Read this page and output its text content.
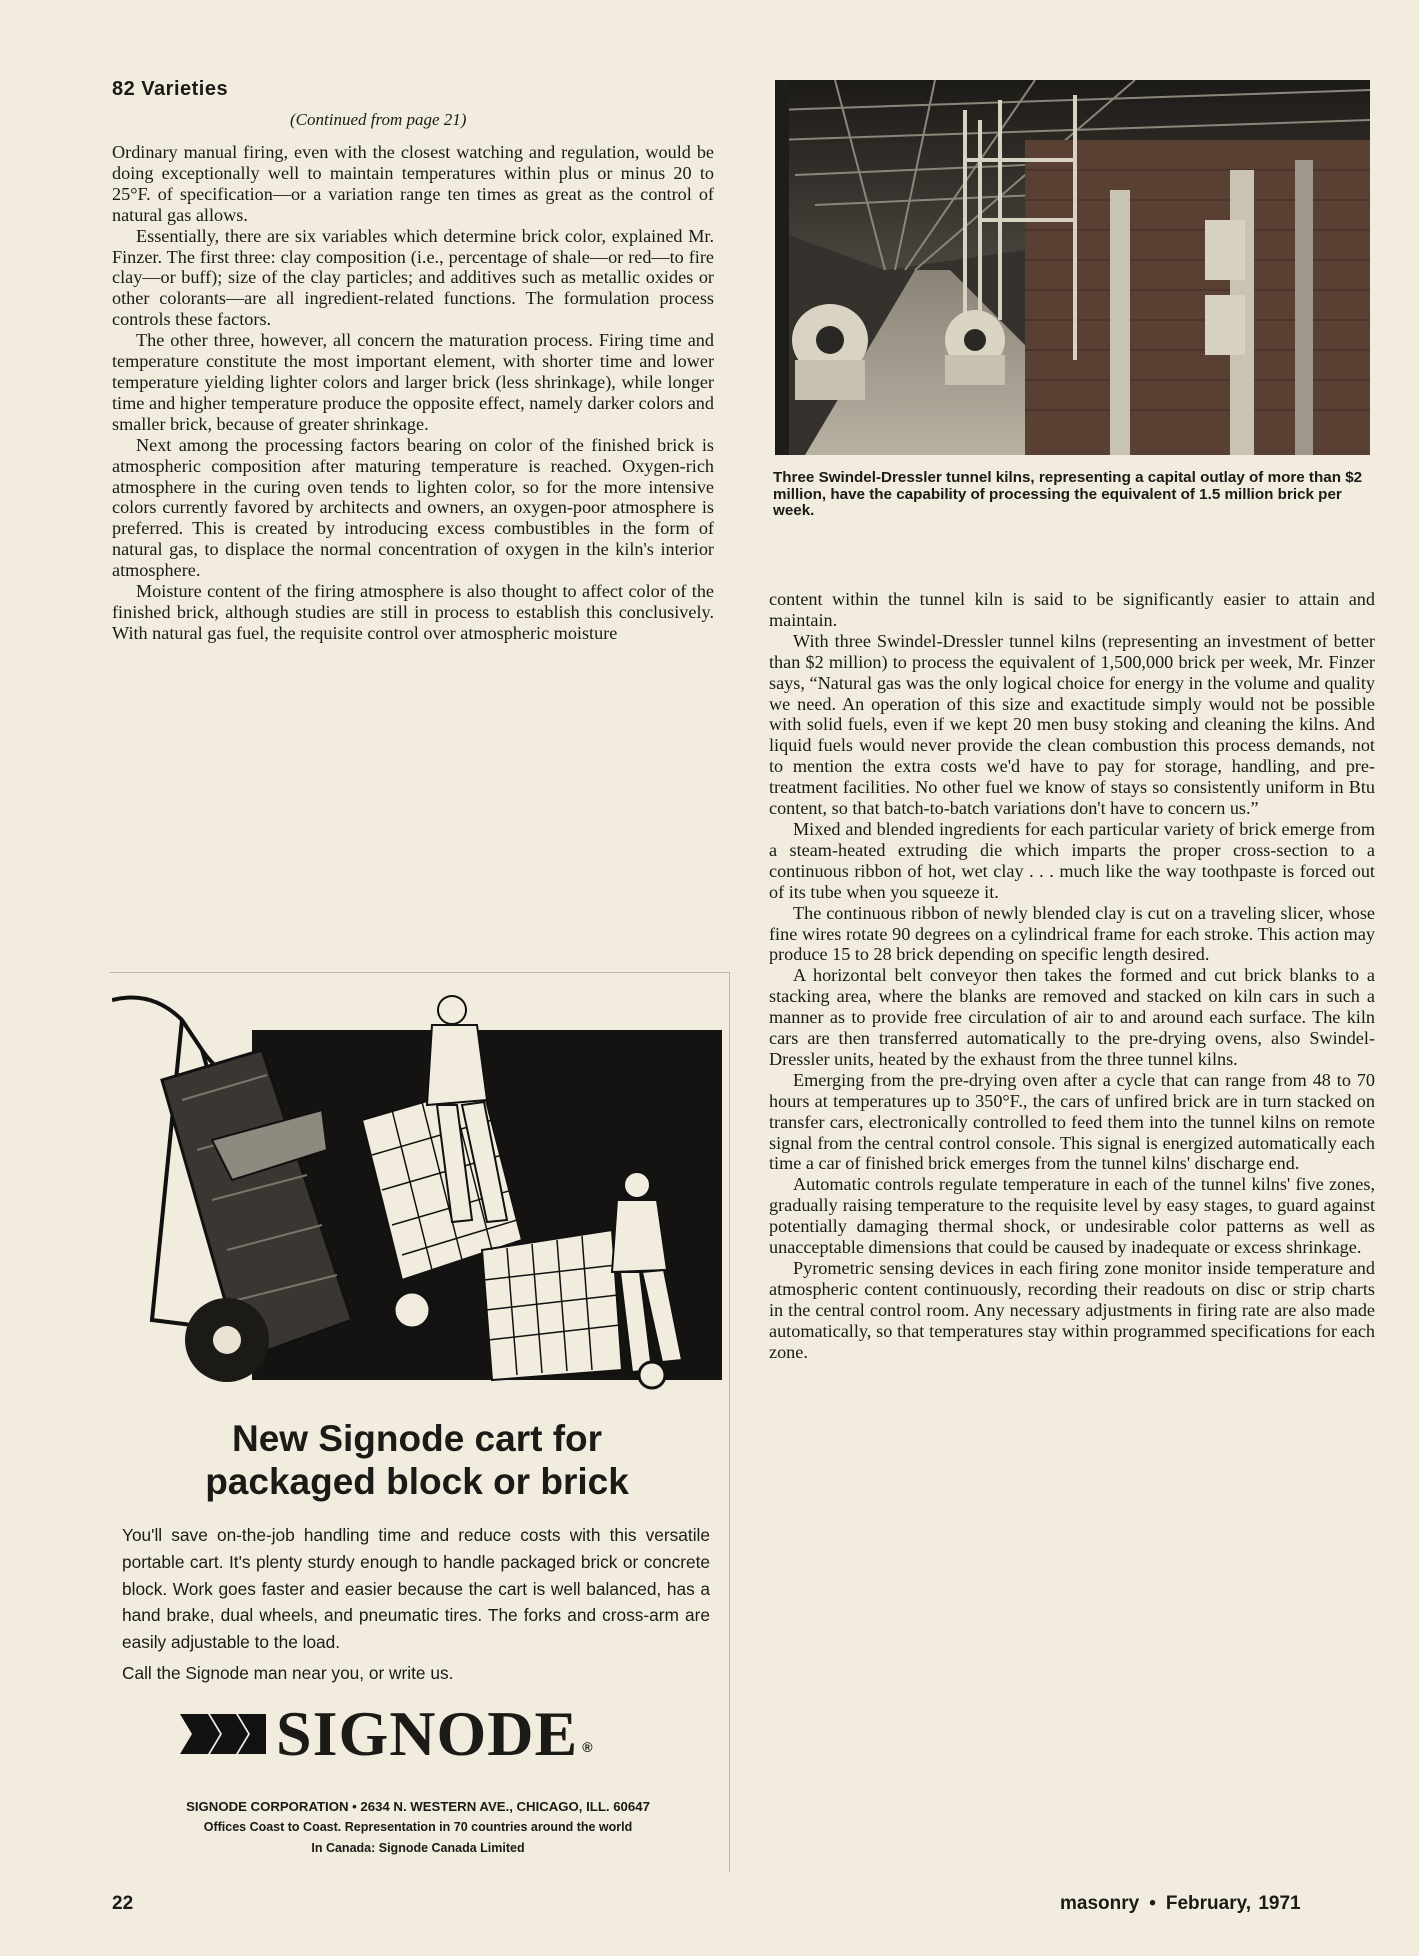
82 Varieties
(Continued from page 21)

Ordinary manual firing, even with the closest watching and regulation, would be doing exceptionally well to maintain temperatures within plus or minus 20 to 25°F. of specification—or a variation range ten times as great as the control of natural gas allows.

Essentially, there are six variables which determine brick color, explained Mr. Finzer. The first three: clay composition (i.e., percentage of shale—or red—to fire clay—or buff); size of the clay particles; and additives such as metallic oxides or other colorants—are all ingredient-related functions. The formulation process controls these factors.

The other three, however, all concern the maturation process. Firing time and temperature constitute the most important element, with shorter time and lower temperature yielding lighter colors and larger brick (less shrinkage), while longer time and higher temperature produce the opposite effect, namely darker colors and smaller brick, because of greater shrinkage.

Next among the processing factors bearing on color of the finished brick is atmospheric composition after maturing temperature is reached. Oxygen-rich atmosphere in the curing oven tends to lighten color, so for the more intensive colors currently favored by architects and owners, an oxygen-poor atmosphere is preferred. This is created by introducing excess combustibles in the form of natural gas, to displace the normal concentration of oxygen in the kiln's interior atmosphere.

Moisture content of the firing atmosphere is also thought to affect color of the finished brick, although studies are still in process to establish this conclusively. With natural gas fuel, the requisite control over atmospheric moisture

Three Swindel-Dressler tunnel kilns, representing a capital outlay of more than $2 million, have the capability of processing the equivalent of 1.5 million brick per week.

content within the tunnel kiln is said to be significantly easier to attain and maintain.

With three Swindel-Dressler tunnel kilns (representing an investment of better than $2 million) to process the equivalent of 1,500,000 brick per week, Mr. Finzer says, “Natural gas was the only logical choice for energy in the volume and quality we need. An operation of this size and exactitude simply would not be possible with solid fuels, even if we kept 20 men busy stoking and cleaning the kilns. And liquid fuels would never provide the clean combustion this process demands, not to mention the extra costs we'd have to pay for storage, handling, and pre-treatment facilities. No other fuel we know of stays so consistently uniform in Btu content, so that batch-to-batch variations don't have to concern us.”

Mixed and blended ingredients for each particular variety of brick emerge from a steam-heated extruding die which imparts the proper cross-section to a continuous ribbon of hot, wet clay . . . much like the way toothpaste is forced out of its tube when you squeeze it.

The continuous ribbon of newly blended clay is cut on a traveling slicer, whose fine wires rotate 90 degrees on a cylindrical frame for each stroke. This action may produce 15 to 28 brick depending on specific length desired.

A horizontal belt conveyor then takes the formed and cut brick blanks to a stacking area, where the blanks are removed and stacked on kiln cars in such a manner as to provide free circulation of air to and around each surface. The kiln cars are then transferred automatically to the pre-drying ovens, also Swindel-Dressler units, heated by the exhaust from the three tunnel kilns.

Emerging from the pre-drying oven after a cycle that can range from 48 to 70 hours at temperatures up to 350°F., the cars of unfired brick are in turn stacked on transfer cars, electronically controlled to feed them into the tunnel kilns on remote signal from the central control console. This signal is energized automatically each time a car of finished brick emerges from the tunnel kilns' discharge end.

Automatic controls regulate temperature in each of the tunnel kilns' five zones, gradually raising temperature to the requisite level by easy stages, to guard against potentially damaging thermal shock, or undesirable color patterns as well as unacceptable dimensions that could be caused by inadequate or excess shrinkage.

Pyrometric sensing devices in each firing zone monitor inside temperature and atmospheric content continuously, recording their readouts on disc or strip charts in the central control room. Any necessary adjustments in firing rate are also made automatically, so that temperatures stay within programmed specifications for each zone.

New Signode cart for
packaged block or brick
You'll save on-the-job handling time and reduce costs with this versatile portable cart. It's plenty sturdy enough to handle packaged brick or concrete block. Work goes faster and easier because the cart is well balanced, has a hand brake, dual wheels, and pneumatic tires. The forks and cross-arm are easily adjustable to the load.
Call the Signode man near you, or write us.
SIGNODE ®
SIGNODE CORPORATION • 2634 N. WESTERN AVE., CHICAGO, ILL. 60647
Offices Coast to Coast. Representation in 70 countries around the world
In Canada: Signode Canada Limited
22	masonry • February, 1971
